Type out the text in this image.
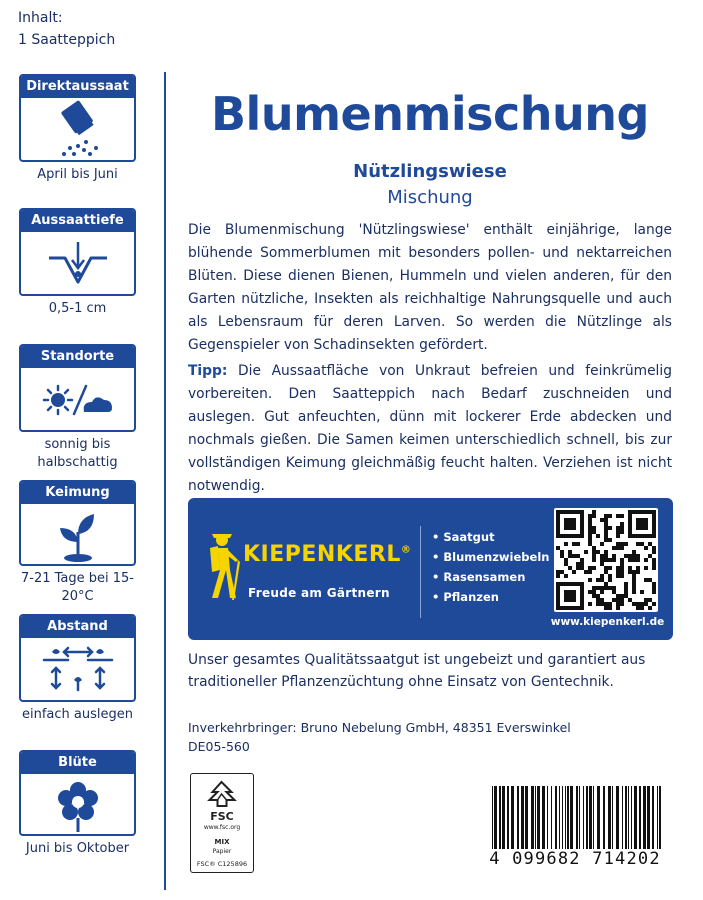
Inhalt:
1 Saatteppich
Direktaussaat
April bis Juni
Aussaattiefe
0,5-1 cm
Standorte
sonnig bis halbschattig
Keimung
7-21 Tage bei 15-20°C
Abstand
einfach auslegen
Blüte
Juni bis Oktober
Blumenmischung
Nützlingswiese
Mischung
Die Blumenmischung 'Nützlingswiese' enthält einjährige, lange blühende Sommerblumen mit besonders pollen- und nektarreichen Blüten. Diese dienen Bienen, Hummeln und vielen anderen, für den Garten nützliche, Insekten als reichhaltige Nahrungsquelle und auch als Lebensraum für deren Larven. So werden die Nützlinge als Gegenspieler von Schadinsekten gefördert.
Tipp: Die Aussaatfläche von Unkraut befreien und feinkrümelig vorbereiten. Den Saatteppich nach Bedarf zuschneiden und auslegen. Gut anfeuchten, dünn mit lockerer Erde abdecken und nochmals gießen. Die Samen keimen unterschiedlich schnell, bis zur vollständigen Keimung gleichmäßig feucht halten. Verziehen ist nicht notwendig.
KIEPENKERL®
Freude am Gärtnern
• Saatgut
• Blumenzwiebeln
• Rasensamen
• Pflanzen
www.kiepenkerl.de
Unser gesamtes Qualitätssaatgut ist ungebeizt und garantiert aus traditioneller Pflanzenzüchtung ohne Einsatz von Gentechnik.
Inverkehrbringer: Bruno Nebelung GmbH, 48351 Everswinkel
DE05-560
FSC
www.fsc.org
MIX
Papier
FSC® C125896	4 099682 714202
